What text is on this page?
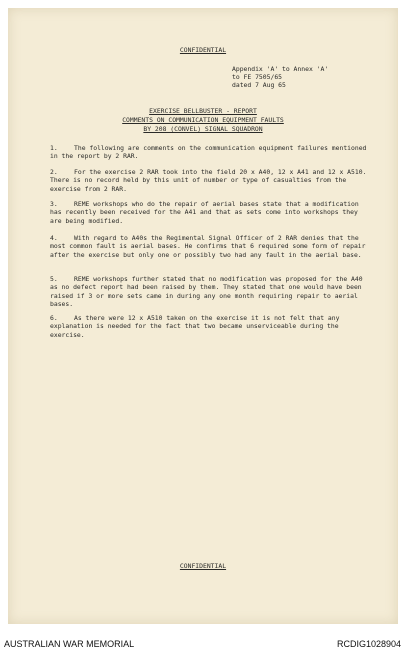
CONFIDENTIAL
Appendix 'A' to Annex 'A'
to FE 7505/65
dated 7 Aug 65
EXERCISE BELLBUSTER - REPORT
COMMENTS ON COMMUNICATION EQUIPMENT FAULTS
BY 208 (CONVEL) SIGNAL SQUADRON
1.	The following are comments on the communication equipment failures mentioned in the report by 2 RAR.
2.	For the exercise 2 RAR took into the field 20 x A40, 12 x A41 and 12 x A510. There is no record held by this unit of number or type of casualties from the exercise from 2 RAR.
3.	REME workshops who do the repair of aerial bases state that a modification has recently been received for the A41 and that as sets come into workshops they are being modified.
4.	With regard to A40s the Regimental Signal Officer of 2 RAR denies that the most common fault is aerial bases. He confirms that 6 required some form of repair after the exercise but only one or possibly two had any fault in the aerial base.
5.	REME workshops further stated that no modification was proposed for the A40 as no defect report had been raised by them. They stated that one would have been raised if 3 or more sets came in during any one month requiring repair to aerial bases.
6.	As there were 12 x A510 taken on the exercise it is not felt that any explanation is needed for the fact that two became unserviceable during the exercise.
CONFIDENTIAL
AUSTRALIAN WAR MEMORIAL	RCDIG1028904
